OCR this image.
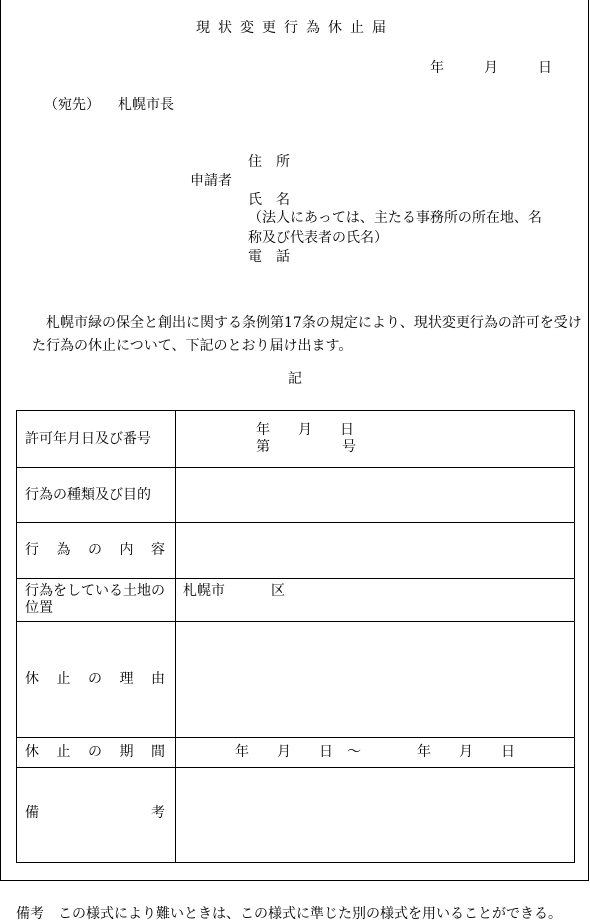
現状変更行為休止届
年	月	日
（宛先） 札幌市長
申請者
住　所
氏　名
（法人にあっては、主たる事務所の所在地、名
称及び代表者の氏名）
電　話
　札幌市緑の保全と創出に関する条例第17条の規定により、現状変更行為の許可を受けた行為の休止について、下記のとおり届け出ます。
記
許可年月日及び番号	年　　月　　日
第 号

行為の種類及び目的	

行 為 の 内 容	

行為をしている土地の位置	札幌市 区

休 止 の 理 由	

休 止 の 期 間	年　　月　　日　～　　　　年　　月　　日

備 考	

備考　この様式により難いときは、この様式に準じた別の様式を用いることができる。
